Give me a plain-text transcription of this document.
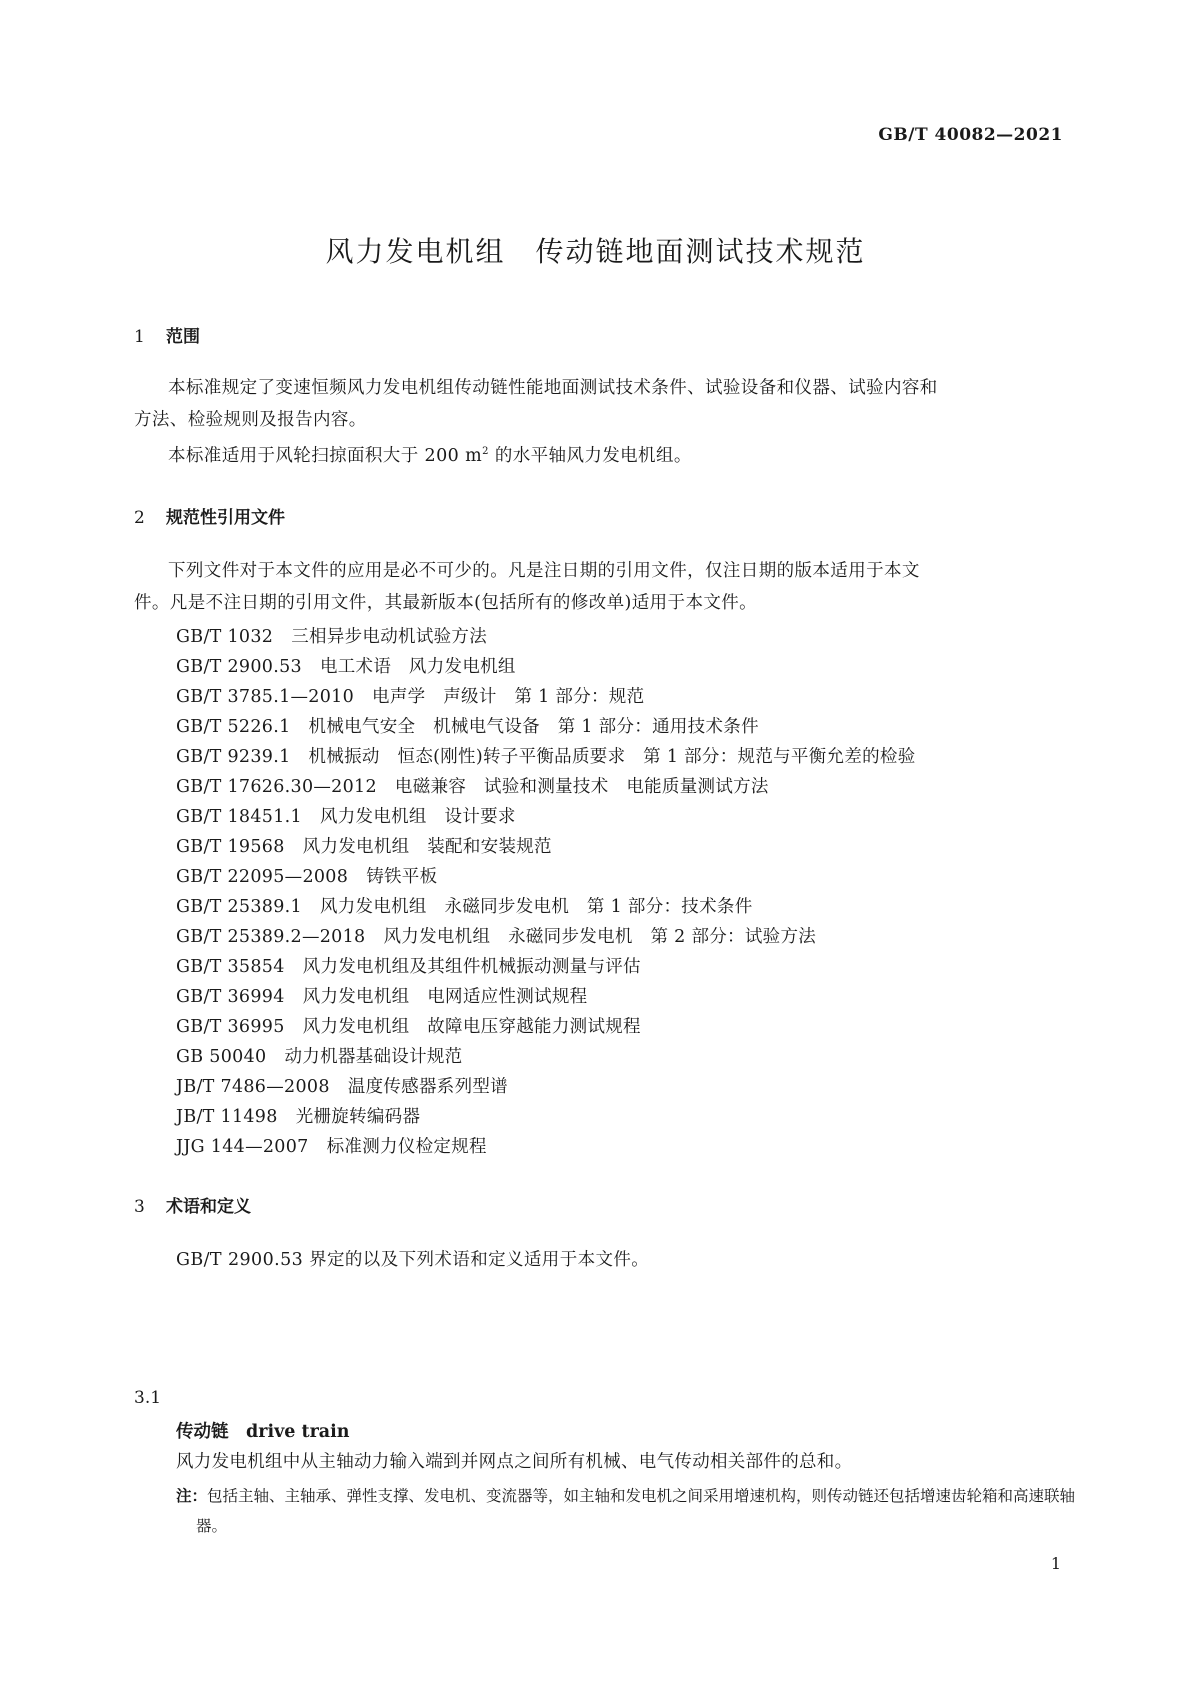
GB/T 40082—2021
风力发电机组　传动链地面测试技术规范
1 范围
本标准规定了变速恒频风力发电机组传动链性能地面测试技术条件、试验设备和仪器、试验内容和
方法、检验规则及报告内容。
本标准适用于风轮扫掠面积大于 200 $m^2$ 的水平轴风力发电机组。
2 规范性引用文件
下列文件对于本文件的应用是必不可少的。凡是注日期的引用文件，仅注日期的版本适用于本文
件。凡是不注日期的引用文件，其最新版本(包括所有的修改单)适用于本文件。
GB/T 1032 三相异步电动机试验方法
GB/T 2900.53 电工术语　风力发电机组
GB/T 3785.1—2010 电声学　声级计　第 1 部分：规范
GB/T 5226.1 机械电气安全　机械电气设备　第 1 部分：通用技术条件
GB/T 9239.1 机械振动　恒态(刚性)转子平衡品质要求　第 1 部分：规范与平衡允差的检验
GB/T 17626.30—2012 电磁兼容　试验和测量技术　电能质量测试方法
GB/T 18451.1 风力发电机组　设计要求
GB/T 19568 风力发电机组　装配和安装规范
GB/T 22095—2008 铸铁平板
GB/T 25389.1 风力发电机组　永磁同步发电机　第 1 部分：技术条件
GB/T 25389.2—2018 风力发电机组　永磁同步发电机　第 2 部分：试验方法
GB/T 35854 风力发电机组及其组件机械振动测量与评估
GB/T 36994 风力发电机组　电网适应性测试规程
GB/T 36995 风力发电机组　故障电压穿越能力测试规程
GB 50040 动力机器基础设计规范
JB/T 7486—2008 温度传感器系列型谱
JB/T 11498 光栅旋转编码器
JJG 144—2007 标准测力仪检定规程
3 术语和定义
GB/T 2900.53 界定的以及下列术语和定义适用于本文件。
3.1
传动链　drive train
风力发电机组中从主轴动力输入端到并网点之间所有机械、电气传动相关部件的总和。
注：包括主轴、主轴承、弹性支撑、发电机、变流器等，如主轴和发电机之间采用增速机构，则传动链还包括增速齿轮箱和高速联轴器。
1
